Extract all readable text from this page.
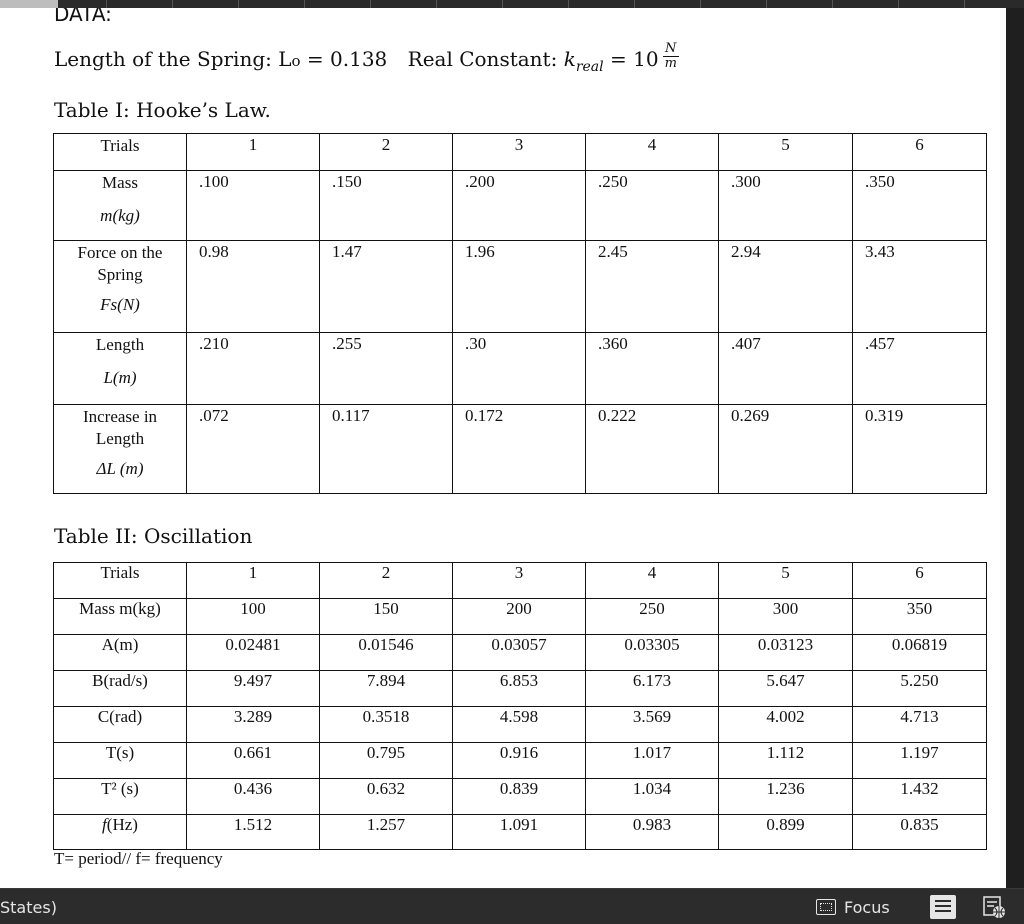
DATA:
Length of the Spring: Lo = 0.138 Real Constant: $k_{real} = 10 \frac{N}{m}$
Table I: Hooke’s Law.
Trials	1	2	3	4	5	6

Mass
m(kg)	.100	.150	.200	.250	.300	.350

Force on the
Spring
Fs(N)	0.98	1.47	1.96	2.45	2.94	3.43

Length
L(m)	.210	.255	.30	.360	.407	.457

Increase in
Length
ΔL (m)	.072	0.117	0.172	0.222	0.269	0.319
Table II: Oscillation
Trials	1	2	3	4	5	6
Mass m(kg)	100	150	200	250	300	350
A(m)	0.02481	0.01546	0.03057	0.03305	0.03123	0.06819
B(rad/s)	9.497	7.894	6.853	6.173	5.647	5.250
C(rad)	3.289	0.3518	4.598	3.569	4.002	4.713
T(s)	0.661	0.795	0.916	1.017	1.112	1.197
T² (s)	0.436	0.632	0.839	1.034	1.236	1.432
f(Hz)	1.512	1.257	1.091	0.983	0.899	0.835
T= period// f= frequency
States)	Focus
